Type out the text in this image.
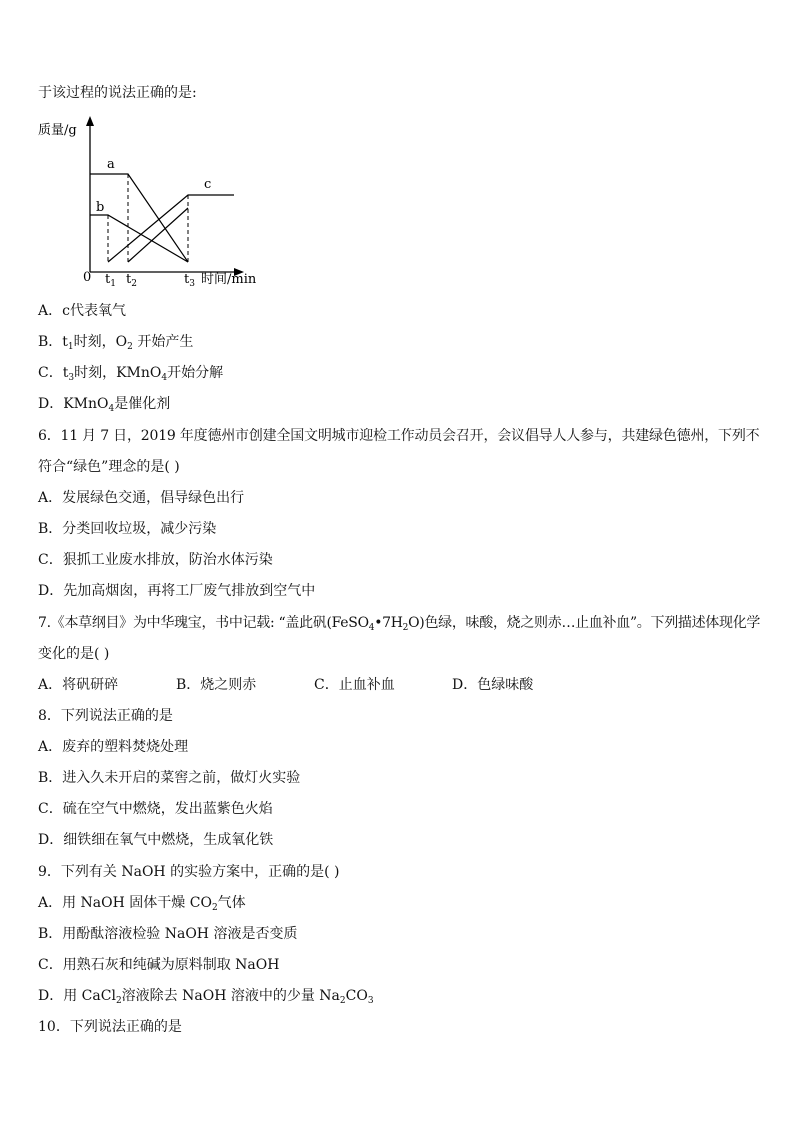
于该过程的说法正确的是:
质量/g
a
b
c
0 $t_1$ $t_2$	$t_3$ 时间/min
A．c代表氧气
B．$t_1$时刻，$O_2$ 开始产生
C．$t_3$时刻，KMnO$_4$开始分解
D．KMnO$_4$是催化剂
6．11 月 7 日，2019 年度德州市创建全国文明城市迎检工作动员会召开，会议倡导人人参与，共建绿色德州，下列不
符合“绿色”理念的是( )
A．发展绿色交通，倡导绿色出行
B．分类回收垃圾，减少污染
C．狠抓工业废水排放，防治水体污染
D．先加高烟囱，再将工厂废气排放到空气中
7.《本草纲目》为中华瑰宝，书中记载: “盖此矾$(FeSO_4•7H_2O)$色绿，味酸，烧之则赤…止血补血”。下列描述体现化学
变化的是( )
A．将矾研碎	B．烧之则赤	C．止血补血	D．色绿味酸
8．下列说法正确的是
A．废弃的塑料焚烧处理
B．进入久未开启的菜窖之前，做灯火实验
C．硫在空气中燃烧，发出蓝紫色火焰
D．细铁细在氧气中燃烧，生成氧化铁
9．下列有关 NaOH 的实验方案中，正确的是( )
A．用 NaOH 固体干燥 $CO_2$气体
B．用酚酞溶液检验 NaOH 溶液是否变质
C．用熟石灰和纯碱为原料制取 NaOH
D．用 CaCl$_2$溶液除去 NaOH 溶液中的少量 $Na_2CO_3$
10．下列说法正确的是
